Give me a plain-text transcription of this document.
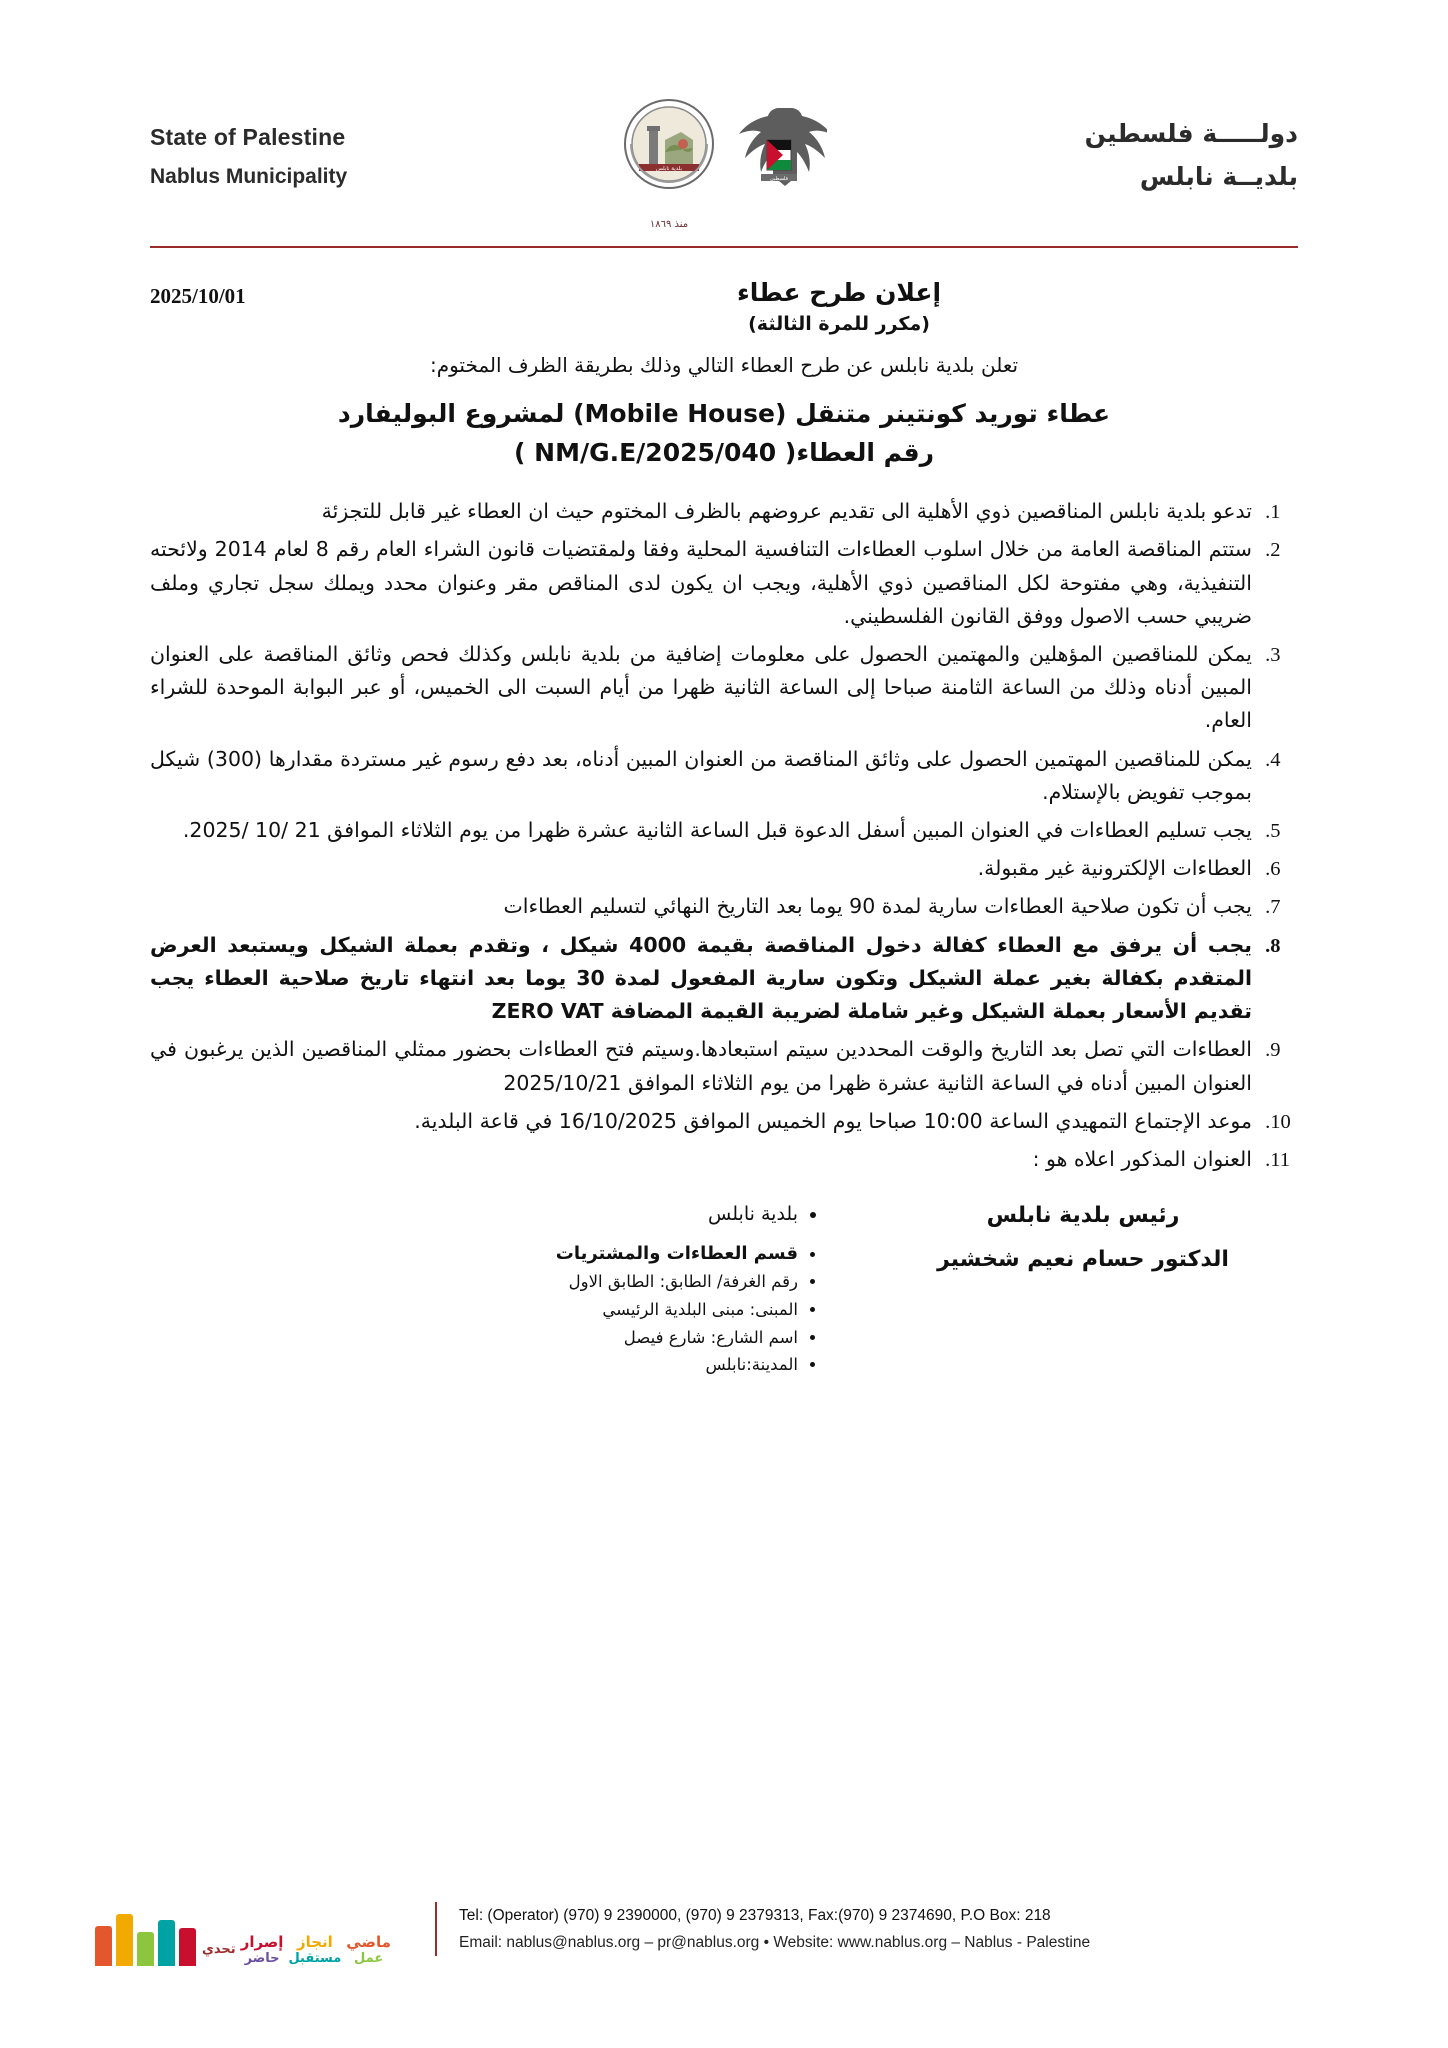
State of Palestine
Nablus Municipality	بلدية نابلس
منذ ١٨٦٩
فلسطين
دولـــــة فلسطين
بلديــة نابلس
2025/10/01	إعلان طرح عطاء
(مكرر للمرة الثالثة)
تعلن بلدية نابلس عن طرح العطاء التالي وذلك بطريقة الظرف المختوم:
عطاء توريد كونتينر متنقل (Mobile House) لمشروع البوليفارد
رقم العطاء( NM/G.E/2025/040 )
1. تدعو بلدية نابلس المناقصين ذوي الأهلية الى تقديم عروضهم بالظرف المختوم حيث ان العطاء غير قابل للتجزئة
2. ستتم المناقصة العامة من خلال اسلوب العطاءات التنافسية المحلية وفقا ولمقتضيات قانون الشراء العام رقم 8 لعام 2014 ولائحته التنفيذية، وهي مفتوحة لكل المناقصين ذوي الأهلية، ويجب ان يكون لدى المناقص مقر وعنوان محدد ويملك سجل تجاري وملف ضريبي حسب الاصول ووفق القانون الفلسطيني.
3. يمكن للمناقصين المؤهلين والمهتمين الحصول على معلومات إضافية من بلدية نابلس وكذلك فحص وثائق المناقصة على العنوان المبين أدناه وذلك من الساعة الثامنة صباحا إلى الساعة الثانية ظهرا من أيام السبت الى الخميس، أو عبر البوابة الموحدة للشراء العام.
4. يمكن للمناقصين المهتمين الحصول على وثائق المناقصة من العنوان المبين أدناه، بعد دفع رسوم غير مستردة مقدارها (300) شيكل بموجب تفويض بالإستلام.
5. يجب تسليم العطاءات في العنوان المبين أسفل الدعوة قبل الساعة الثانية عشرة ظهرا من يوم الثلاثاء الموافق 21 /10 /2025.
6. العطاءات الإلكترونية غير مقبولة.
7. يجب أن تكون صلاحية العطاءات سارية لمدة 90 يوما بعد التاريخ النهائي لتسليم العطاءات
8. يجب أن يرفق مع العطاء كفالة دخول المناقصة بقيمة 4000 شيكل ، وتقدم بعملة الشيكل ويستبعد العرض المتقدم بكفالة بغير عملة الشيكل وتكون سارية المفعول لمدة 30 يوما بعد انتهاء تاريخ صلاحية العطاء يجب تقديم الأسعار بعملة الشيكل وغير شاملة لضريبة القيمة المضافة ZERO VAT
9. العطاءات التي تصل بعد التاريخ والوقت المحددين سيتم استبعادها.وسيتم فتح العطاءات بحضور ممثلي المناقصين الذين يرغبون في العنوان المبين أدناه في الساعة الثانية عشرة ظهرا من يوم الثلاثاء الموافق 2025/10/21
10. موعد الإجتماع التمهيدي الساعة 10:00 صباحا يوم الخميس الموافق 16/10/2025 في قاعة البلدية.
11. العنوان المذكور اعلاه هو :
• بلدية نابلس
• قسم العطاءات والمشتريات
• رقم الغرفة/ الطابق: الطابق الاول
• المبنى: مبنى البلدية الرئيسي
• اسم الشارع: شارع فيصل
• المدينة:نابلس
رئيس بلدية نابلس
الدكتور حسام نعيم شخشير
ماضي
عمل
انجاز
مستقبل
إصرار
حاضر
تحدي
Tel: (Operator) (970) 9 2390000, (970) 9 2379313, Fax:(970) 9 2374690, P.O Box: 218
Email: nablus@nablus.org – pr@nablus.org • Website: www.nablus.org – Nablus - Palestine
